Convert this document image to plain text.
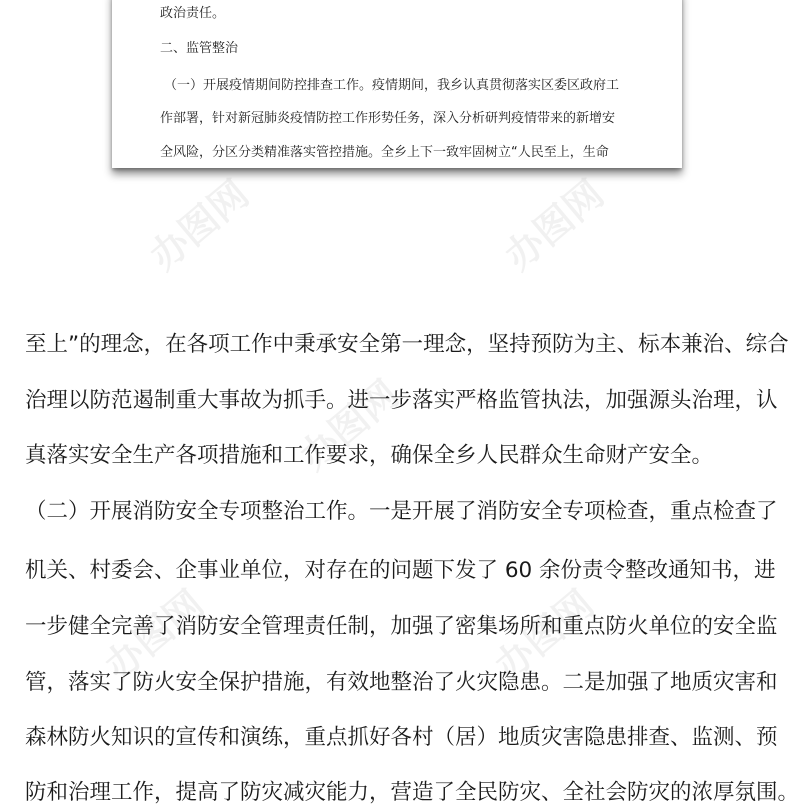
政治责任。

二、监管整治

（一）开展疫情期间防控排查工作。疫情期间，我乡认真贯彻落实区委区政府工

作部署，针对新冠肺炎疫情防控工作形势任务，深入分析研判疫情带来的新增安

全风险，分区分类精准落实管控措施。全乡上下一致牢固树立“人民至上，生命

至上”的理念，在各项工作中秉承安全第一理念，坚持预防为主、标本兼治、综合

治理以防范遏制重大事故为抓手。进一步落实严格监管执法，加强源头治理，认

真落实安全生产各项措施和工作要求，确保全乡人民群众生命财产安全。

（二）开展消防安全专项整治工作。一是开展了消防安全专项检查，重点检查了

机关、村委会、企事业单位，对存在的问题下发了 60 余份责令整改通知书，进

一步健全完善了消防安全管理责任制，加强了密集场所和重点防火单位的安全监

管，落实了防火安全保护措施，有效地整治了火灾隐患。二是加强了地质灾害和

森林防火知识的宣传和演练，重点抓好各村（居）地质灾害隐患排查、监测、预

防和治理工作，提高了防灾减灾能力，营造了全民防灾、全社会防灾的浓厚氛围。

办图网	办图网
办图网
办图网	办图网
